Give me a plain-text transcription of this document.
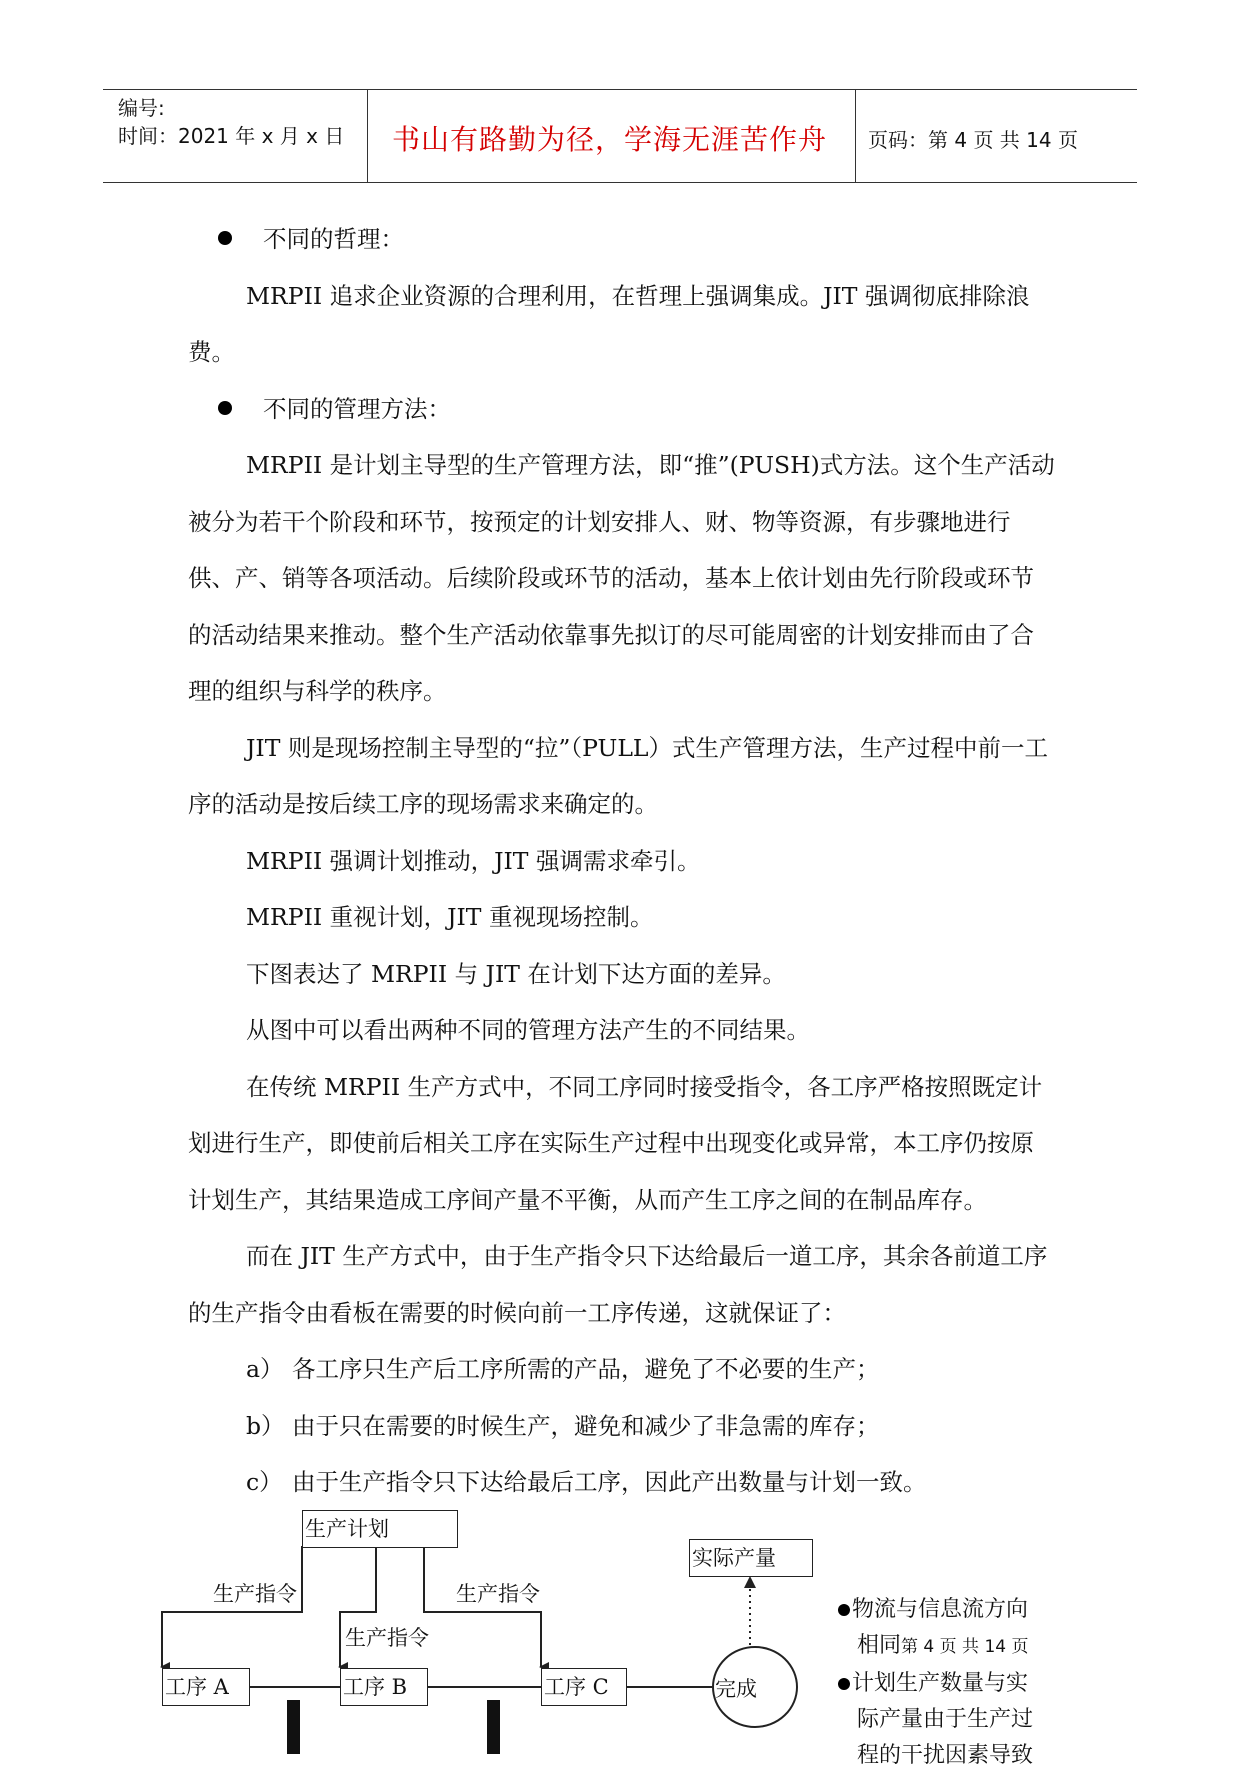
编号:
时间：2021 年 x 月 x 日 书山有路勤为径，学海无涯苦作舟 页码：第 4 页 共 14 页

不同的哲理：

MRPII 追求企业资源的合理利用，在哲理上强调集成。JIT 强调彻底排除浪费。

不同的管理方法：

MRPII 是计划主导型的生产管理方法，即“推”(PUSH)式方法。这个生产活动被分为若干个阶段和环节，按预定的计划安排人、财、物等资源，有步骤地进行供、产、销等各项活动。后续阶段或环节的活动，基本上依计划由先行阶段或环节的活动结果来推动。整个生产活动依靠事先拟订的尽可能周密的计划安排而由了合理的组织与科学的秩序。

JIT 则是现场控制主导型的“拉”（PULL）式生产管理方法，生产过程中前一工序的活动是按后续工序的现场需求来确定的。

MRPII 强调计划推动，JIT 强调需求牵引。

MRPII 重视计划，JIT 重视现场控制。

下图表达了 MRPII 与 JIT 在计划下达方面的差异。

从图中可以看出两种不同的管理方法产生的不同结果。

在传统 MRPII 生产方式中，不同工序同时接受指令，各工序严格按照既定计划进行生产，即使前后相关工序在实际生产过程中出现变化或异常，本工序仍按原计划生产，其结果造成工序间产量不平衡，从而产生工序之间的在制品库存。

而在 JIT 生产方式中，由于生产指令只下达给最后一道工序，其余各前道工序的生产指令由看板在需要的时候向前一工序传递，这就保证了：

a） 各工序只生产后工序所需的产品，避免了不必要的生产；

b） 由于只在需要的时候生产，避免和减少了非急需的库存；

c） 由于生产指令只下达给最后工序，因此产出数量与计划一致。

生产计划
实际产量
工序 A	工序 B	工序 C
生产指令
生产指令
生产指令
完成
物流与信息流方向
相同第 4 页 共 14 页
计划生产数量与实
际产量由于生产过
程的干扰因素导致
